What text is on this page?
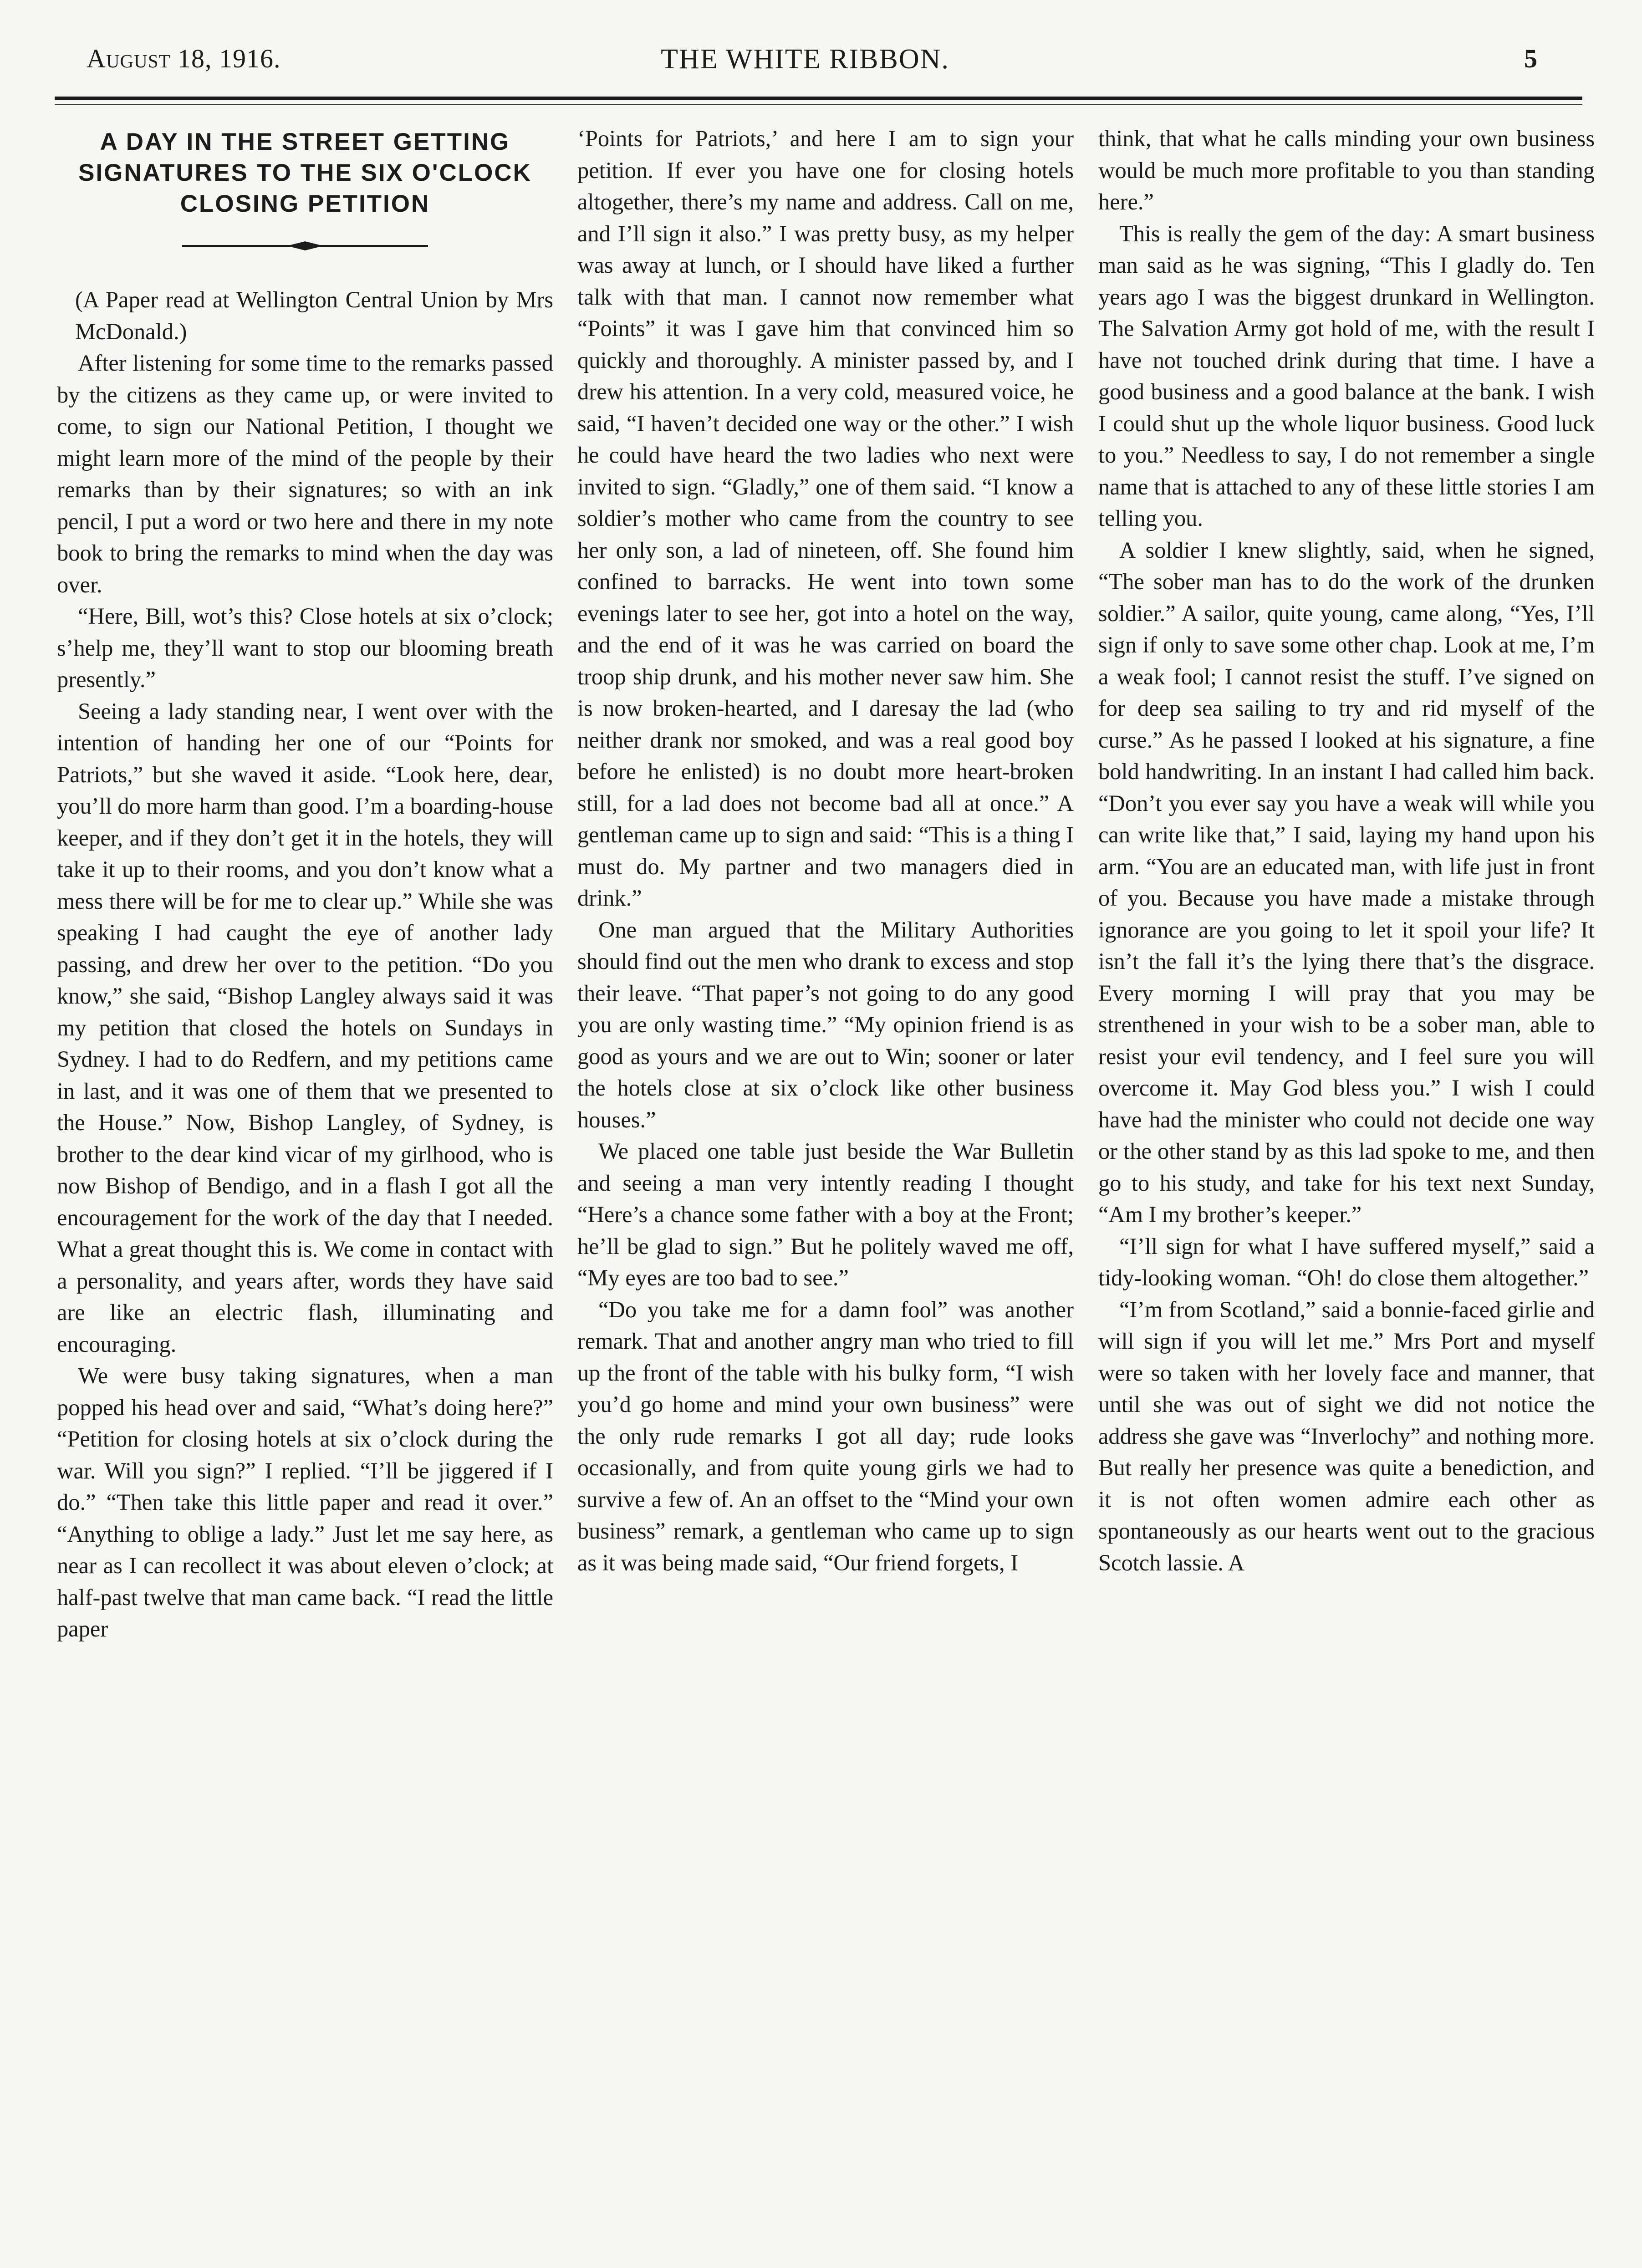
August 18, 1916.	THE WHITE RIBBON.	5
A DAY IN THE STREET GETTING SIGNATURES TO THE SIX O'CLOCK CLOSING PETITION

(A Paper read at Wellington Central Union by Mrs McDonald.)

After listening for some time to the remarks passed by the citizens as they came up, or were invited to come, to sign our National Petition, I thought we might learn more of the mind of the people by their remarks than by their signatures; so with an ink pencil, I put a word or two here and there in my note book to bring the remarks to mind when the day was over.

“Here, Bill, wot’s this? Close hotels at six o’clock; s’help me, they’ll want to stop our blooming breath presently.”

Seeing a lady standing near, I went over with the intention of handing her one of our “Points for Patriots,” but she waved it aside. “Look here, dear, you’ll do more harm than good. I’m a boarding-house keeper, and if they don’t get it in the hotels, they will take it up to their rooms, and you don’t know what a mess there will be for me to clear up.” While she was speaking I had caught the eye of another lady passing, and drew her over to the petition. “Do you know,” she said, “Bishop Langley always said it was my petition that closed the hotels on Sundays in Sydney. I had to do Redfern, and my petitions came in last, and it was one of them that we presented to the House.” Now, Bishop Langley, of Sydney, is brother to the dear kind vicar of my girlhood, who is now Bishop of Bendigo, and in a flash I got all the encouragement for the work of the day that I needed. What a great thought this is. We come in contact with a personality, and years after, words they have said are like an electric flash, illuminating and encouraging.

We were busy taking signatures, when a man popped his head over and said, “What’s doing here?” “Petition for closing hotels at six o’clock during the war. Will you sign?” I replied. “I’ll be jiggered if I do.” “Then take this little paper and read it over.” “Anything to oblige a lady.” Just let me say here, as near as I can recollect it was about eleven o’clock; at half-past twelve that man came back. “I read the little paper

‘Points for Patriots,’ and here I am to sign your petition. If ever you have one for closing hotels altogether, there’s my name and address. Call on me, and I’ll sign it also.” I was pretty busy, as my helper was away at lunch, or I should have liked a further talk with that man. I cannot now remember what “Points” it was I gave him that convinced him so quickly and thoroughly. A minister passed by, and I drew his attention. In a very cold, measured voice, he said, “I haven’t decided one way or the other.” I wish he could have heard the two ladies who next were invited to sign. “Gladly,” one of them said. “I know a soldier’s mother who came from the country to see her only son, a lad of nineteen, off. She found him confined to barracks. He went into town some evenings later to see her, got into a hotel on the way, and the end of it was he was carried on board the troop ship drunk, and his mother never saw him. She is now broken-hearted, and I daresay the lad (who neither drank nor smoked, and was a real good boy before he enlisted) is no doubt more heart-broken still, for a lad does not become bad all at once.” A gentleman came up to sign and said: “This is a thing I must do. My partner and two managers died in drink.”

One man argued that the Military Authorities should find out the men who drank to excess and stop their leave. “That paper’s not going to do any good you are only wasting time.” “My opinion friend is as good as yours and we are out to Win; sooner or later the hotels close at six o’clock like other business houses.”

We placed one table just beside the War Bulletin and seeing a man very intently reading I thought “Here’s a chance some father with a boy at the Front; he’ll be glad to sign.” But he politely waved me off, “My eyes are too bad to see.”

“Do you take me for a damn fool” was another remark. That and another angry man who tried to fill up the front of the table with his bulky form, “I wish you’d go home and mind your own business” were the only rude remarks I got all day; rude looks occasionally, and from quite young girls we had to survive a few of. An an offset to the “Mind your own business” remark, a gentleman who came up to sign as it was being made said, “Our friend forgets, I

think, that what he calls minding your own business would be much more profitable to you than standing here.”

This is really the gem of the day: A smart business man said as he was signing, “This I gladly do. Ten years ago I was the biggest drunkard in Wellington. The Salvation Army got hold of me, with the result I have not touched drink during that time. I have a good business and a good balance at the bank. I wish I could shut up the whole liquor business. Good luck to you.” Needless to say, I do not remember a single name that is attached to any of these little stories I am telling you.

A soldier I knew slightly, said, when he signed, “The sober man has to do the work of the drunken soldier.” A sailor, quite young, came along, “Yes, I’ll sign if only to save some other chap. Look at me, I’m a weak fool; I cannot resist the stuff. I’ve signed on for deep sea sailing to try and rid myself of the curse.” As he passed I looked at his signature, a fine bold handwriting. In an instant I had called him back. “Don’t you ever say you have a weak will while you can write like that,” I said, laying my hand upon his arm. “You are an educated man, with life just in front of you. Because you have made a mistake through ignorance are you going to let it spoil your life? It isn’t the fall it’s the lying there that’s the disgrace. Every morning I will pray that you may be strenthened in your wish to be a sober man, able to resist your evil tendency, and I feel sure you will overcome it. May God bless you.” I wish I could have had the minister who could not decide one way or the other stand by as this lad spoke to me, and then go to his study, and take for his text next Sunday, “Am I my brother’s keeper.”

“I’ll sign for what I have suffered myself,” said a tidy-looking woman. “Oh! do close them altogether.”

“I’m from Scotland,” said a bonnie-faced girlie and will sign if you will let me.” Mrs Port and myself were so taken with her lovely face and manner, that until she was out of sight we did not notice the address she gave was “Inverlochy” and nothing more. But really her presence was quite a benediction, and it is not often women admire each other as spontaneously as our hearts went out to the gracious Scotch lassie. A
